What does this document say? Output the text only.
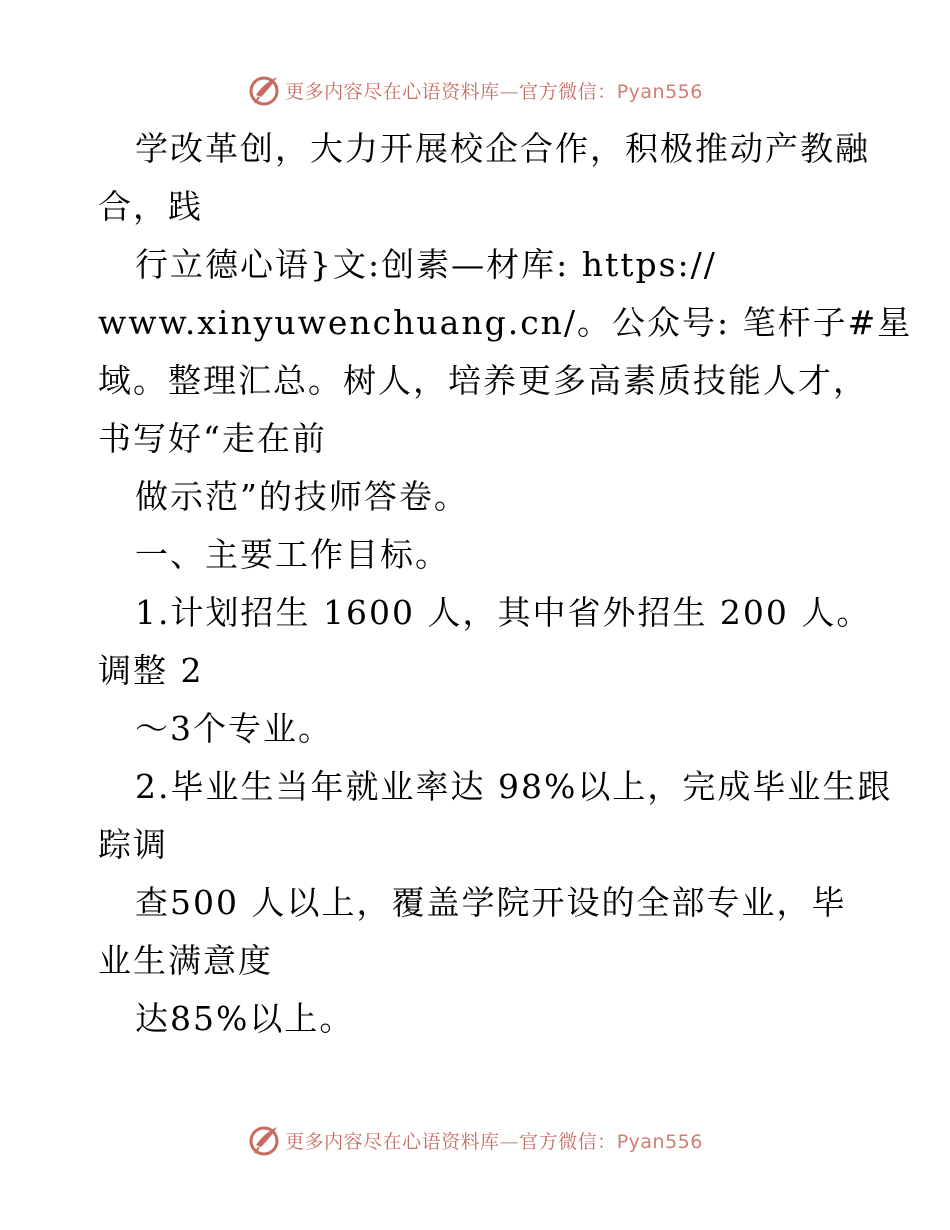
更多内容尽在心语资料库—官方微信：Pyan556
学改革创，大力开展校企合作，积极推动产教融
合，践
行立德心语}文:创素—材库: https://
www.xinyuwenchuang.cn/。公众号: 笔杆子#星
域。整理汇总。树人，培养更多高素质技能人才，
书写好“走在前
做示范”的技师答卷。
一、主要工作目标。
1.计划招生 1600 人，其中省外招生 200 人。
调整 2
～3个专业。
2.毕业生当年就业率达 98%以上，完成毕业生跟
踪调
查500 人以上，覆盖学院开设的全部专业，毕
业生满意度
达85%以上。
更多内容尽在心语资料库—官方微信：Pyan556
